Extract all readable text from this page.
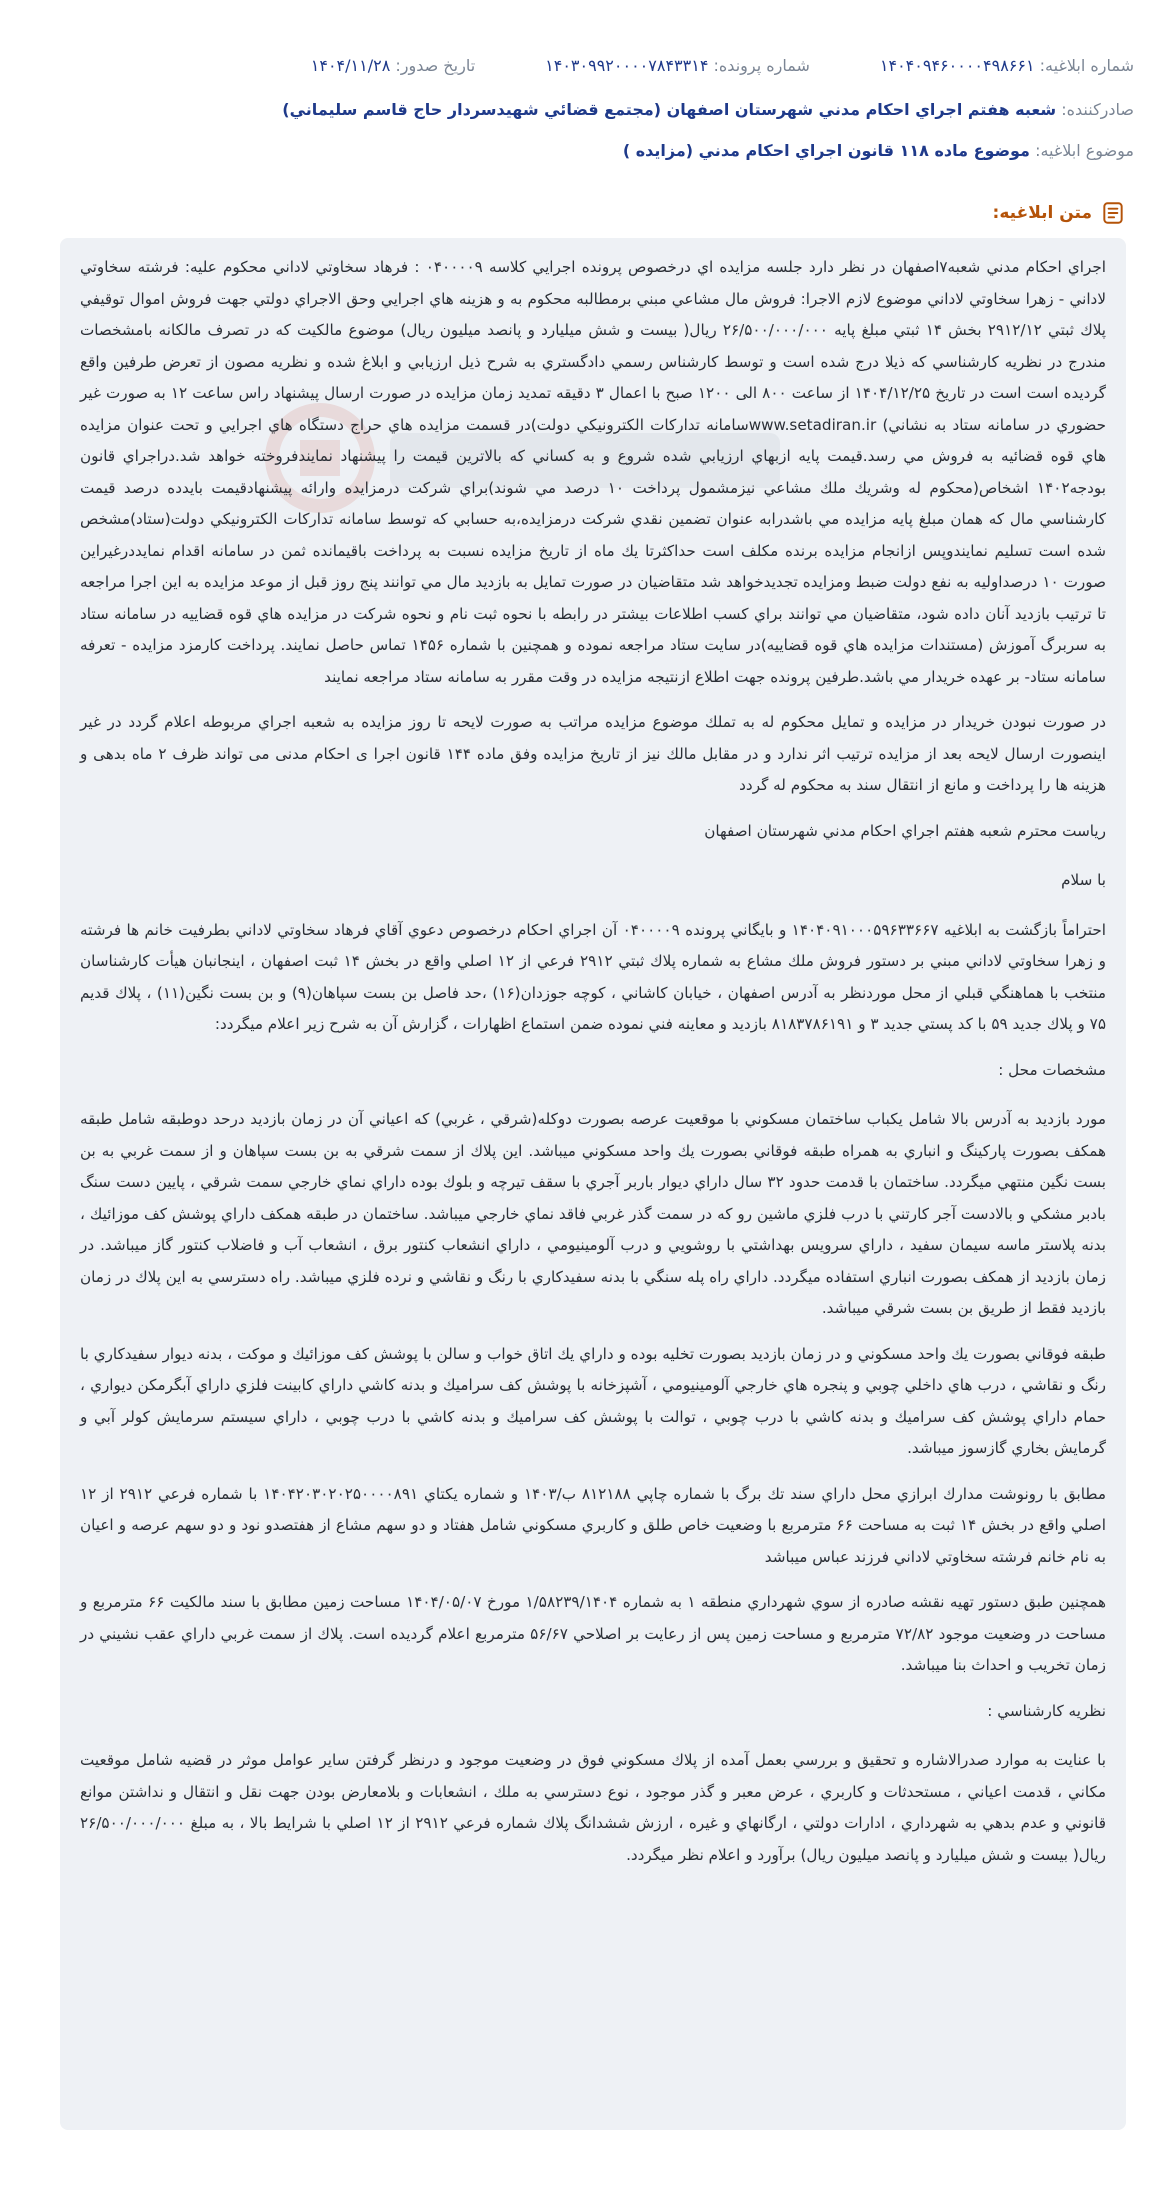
شماره ابلاغیه: ۱۴۰۴۰۹۴۶۰۰۰۰۴۹۸۶۶۱
شماره پرونده: ۱۴۰۳۰۹۹۲۰۰۰۰۷۸۴۳۳۱۴
تاریخ صدور: ۱۴۰۴/۱۱/۲۸
صادرکننده: شعبه هفتم اجراي احكام مدني شهرستان اصفهان (مجتمع قضائي شهيدسردار حاج قاسم سليماني)
موضوع ابلاغیه: موضوع ماده ۱۱۸ قانون اجراي احكام مدني (مزايده )
متن ابلاغیه:

اجراي احكام مدني شعبه۷اصفهان در نظر دارد جلسه مزايده اي درخصوص پرونده اجرايي كلاسه ۰۴۰۰۰۰۹ : فرهاد سخاوتي لاداني محكوم عليه: فرشته سخاوتي لاداني - زهرا سخاوتي لاداني موضوع لازم الاجرا: فروش مال مشاعي مبني برمطالبه محكوم به و هزينه هاي اجرايي وحق الاجراي دولتي جهت فروش اموال توقيفي پلاك ثبتي ۲۹۱۲/۱۲ بخش ۱۴ ثبتي مبلغ پايه ۲۶/۵۰۰/۰۰۰/۰۰۰ ريال( بيست و شش ميليارد و پانصد ميليون ريال) موضوع مالكيت كه در تصرف مالكانه بامشخصات مندرج در نظريه كارشناسي كه ذيلا درج شده است و توسط كارشناس رسمي دادگستري به شرح ذيل ارزيابي و ابلاغ شده و نظريه مصون از تعرض طرفين واقع گرديده است است در تاريخ ۱۴۰۴/۱۲/۲۵ از ساعت ۸۰۰ الی ۱۲۰۰ صبح با اعمال ۳ دقيقه تمديد زمان مزايده در صورت ارسال پيشنهاد راس ساعت ۱۲ به صورت غير حضوري در سامانه ستاد به نشاني) www.setadiran.irسامانه تداركات الكترونيكي دولت)در قسمت مزايده هاي حراج دستگاه هاي اجرايي و تحت عنوان مزايده هاي قوه قضائيه به فروش مي رسد.قيمت پايه ازبهاي ارزيابي شده شروع و به كساني كه بالاترين قيمت را پيشنهاد نمايندفروخته خواهد شد.دراجراي قانون بودجه۱۴۰۲ اشخاص(محكوم له وشريك ملك مشاعي نيزمشمول پرداخت ۱۰ درصد مي شوند)براي شركت درمزايده وارائه پيشنهادقيمت بايدده درصد قيمت كارشناسي مال كه همان مبلغ پايه مزايده مي باشدرابه عنوان تضمين نقدي شركت درمزايده،به حسابي كه توسط سامانه تداركات الكترونيكي دولت(ستاد)مشخص شده است تسليم نمايندوپس ازانجام مزايده برنده مكلف است حداكثرتا يك ماه از تاريخ مزايده نسبت به پرداخت باقيمانده ثمن در سامانه اقدام نمايددرغيراين صورت ۱۰ درصداوليه به نفع دولت ضبط ومزايده تجديدخواهد شد متقاضيان در صورت تمايل به بازديد مال مي توانند پنج روز قبل از موعد مزايده به اين اجرا مراجعه تا ترتيب بازديد آنان داده شود، متقاضيان مي توانند براي كسب اطلاعات بيشتر در رابطه با نحوه ثبت نام و نحوه شركت در مزايده هاي قوه قضاييه در سامانه ستاد به سربرگ آموزش (مستندات مزايده هاي قوه قضاييه)در سايت ستاد مراجعه نموده و همچنين با شماره ۱۴۵۶ تماس حاصل نمايند. پرداخت كارمزد مزايده - تعرفه سامانه ستاد- بر عهده خريدار مي باشد.طرفين پرونده جهت اطلاع ازنتيجه مزايده در وقت مقرر به سامانه ستاد مراجعه نمايند

در صورت نبودن خريدار در مزايده و تمايل محكوم له به تملك موضوع مزايده مراتب به صورت لايحه تا روز مزايده به شعبه اجراي مربوطه اعلام گردد در غير اينصورت ارسال لايحه بعد از مزايده ترتيب اثر ندارد و در مقابل مالك نيز از تاريخ مزايده وفق ماده ۱۴۴ قانون اجرا ی احكام مدنی می تواند ظرف ۲ ماه بدهی و هزينه ها را پرداخت و مانع از انتقال سند به محكوم له گردد

رياست محترم شعبه هفتم اجراي احكام مدني شهرستان اصفهان

با سلام

احتراماً بازگشت به ابلاغيه ۱۴۰۴۰۹۱۰۰۰۵۹۶۳۳۶۶۷ و بايگاني پرونده ۰۴۰۰۰۰۹ آن اجراي احكام درخصوص دعوي آقاي فرهاد سخاوتي لاداني بطرفيت خانم ها فرشته و زهرا سخاوتي لاداني مبني بر دستور فروش ملك مشاع به شماره پلاك ثبتي ۲۹۱۲ فرعي از ۱۲ اصلي واقع در بخش ۱۴ ثبت اصفهان ، اينجانبان هيأت كارشناسان منتخب با هماهنگي قبلي از محل موردنظر به آدرس اصفهان ، خيابان كاشاني ، كوچه جوزدان(۱۶) ،حد فاصل بن بست سپاهان(۹) و بن بست نگين(۱۱) ، پلاك قديم ۷۵ و پلاك جديد ۵۹ با كد پستي جديد ۳ و ۸۱۸۳۷۸۶۱۹۱ بازديد و معاينه فني نموده ضمن استماع اظهارات ، گزارش آن به شرح زير اعلام ميگردد:

مشخصات محل :

مورد بازديد به آدرس بالا شامل يكباب ساختمان مسكوني با موقعيت عرصه بصورت دوكله(شرقي ، غربي) كه اعياني آن در زمان بازديد درحد دوطبقه شامل طبقه همكف بصورت پاركينگ و انباري به همراه طبقه فوقاني بصورت يك واحد مسكوني ميباشد. اين پلاك از سمت شرقي به بن بست سپاهان و از سمت غربي به بن بست نگين منتهي ميگردد. ساختمان با قدمت حدود ۳۲ سال داراي ديوار باربر آجري با سقف تيرچه و بلوك بوده داراي نماي خارجي سمت شرقي ، پايين دست سنگ بادبر مشكي و بالادست آجر كارتني با درب فلزي ماشين رو كه در سمت گذر غربي فاقد نماي خارجي ميباشد. ساختمان در طبقه همكف داراي پوشش كف موزائيك ، بدنه پلاستر ماسه سيمان سفيد ، داراي سرويس بهداشتي با روشويي و درب آلومينيومي ، داراي انشعاب كنتور برق ، انشعاب آب و فاضلاب كنتور گاز ميباشد. در زمان بازديد از همكف بصورت انباري استفاده ميگردد. داراي راه پله سنگي با بدنه سفيدكاري با رنگ و نقاشي و نرده فلزي ميباشد. راه دسترسي به اين پلاك در زمان بازديد فقط از طريق بن بست شرقي ميباشد.

طبقه فوقاني بصورت يك واحد مسكوني و در زمان بازديد بصورت تخليه بوده و داراي يك اتاق خواب و سالن با پوشش كف موزائيك و موكت ، بدنه ديوار سفيدكاري با رنگ و نقاشي ، درب هاي داخلي چوبي و پنجره هاي خارجي آلومينيومي ، آشپزخانه با پوشش كف سراميك و بدنه كاشي داراي كابينت فلزي داراي آبگرمكن ديواري ، حمام داراي پوشش كف سراميك و بدنه كاشي با درب چوبي ، توالت با پوشش كف سراميك و بدنه كاشي با درب چوبي ، داراي سيستم سرمايش كولر آبي و گرمايش بخاري گازسوز ميباشد.

مطابق با رونوشت مدارك ابرازي محل داراي سند تك برگ با شماره چاپي ۸۱۲۱۸۸ ب/۱۴۰۳ و شماره يكتاي ۱۴۰۴۲۰۳۰۲۰۲۵۰۰۰۰۸۹۱ با شماره فرعي ۲۹۱۲ از ۱۲ اصلي واقع در بخش ۱۴ ثبت به مساحت ۶۶ مترمربع با وضعيت خاص طلق و كاربري مسكوني شامل هفتاد و دو سهم مشاع از هفتصدو نود و دو سهم عرصه و اعيان به نام خانم فرشته سخاوتي لاداني فرزند عباس ميباشد

همچنين طبق دستور تهيه نقشه صادره از سوي شهرداري منطقه ۱ به شماره ۱/۵۸۲۳۹/۱۴۰۴ مورخ ۱۴۰۴/۰۵/۰۷ مساحت زمين مطابق با سند مالكيت ۶۶ مترمربع و مساحت در وضعيت موجود ۷۲/۸۲ مترمربع و مساحت زمين پس از رعايت بر اصلاحي ۵۶/۶۷ مترمربع اعلام گرديده است. پلاك از سمت غربي داراي عقب نشيني در زمان تخريب و احداث بنا ميباشد.

نظريه كارشناسي :

با عنايت به موارد صدرالاشاره و تحقيق و بررسي بعمل آمده از پلاك مسكوني فوق در وضعيت موجود و درنظر گرفتن ساير عوامل موثر در قضيه شامل موقعيت مكاني ، قدمت اعياني ، مستحدثات و كاربري ، عرض معبر و گذر موجود ، نوع دسترسي به ملك ، انشعابات و بلامعارض بودن جهت نقل و انتقال و نداشتن موانع قانوني و عدم بدهي به شهرداري ، ادارات دولتي ، ارگانهاي و غيره ، ارزش ششدانگ پلاك شماره فرعي ۲۹۱۲ از ۱۲ اصلي با شرايط بالا ، به مبلغ ۲۶/۵۰۰/۰۰۰/۰۰۰ ريال( بيست و شش ميليارد و پانصد ميليون ريال) برآورد و اعلام نظر ميگردد.
